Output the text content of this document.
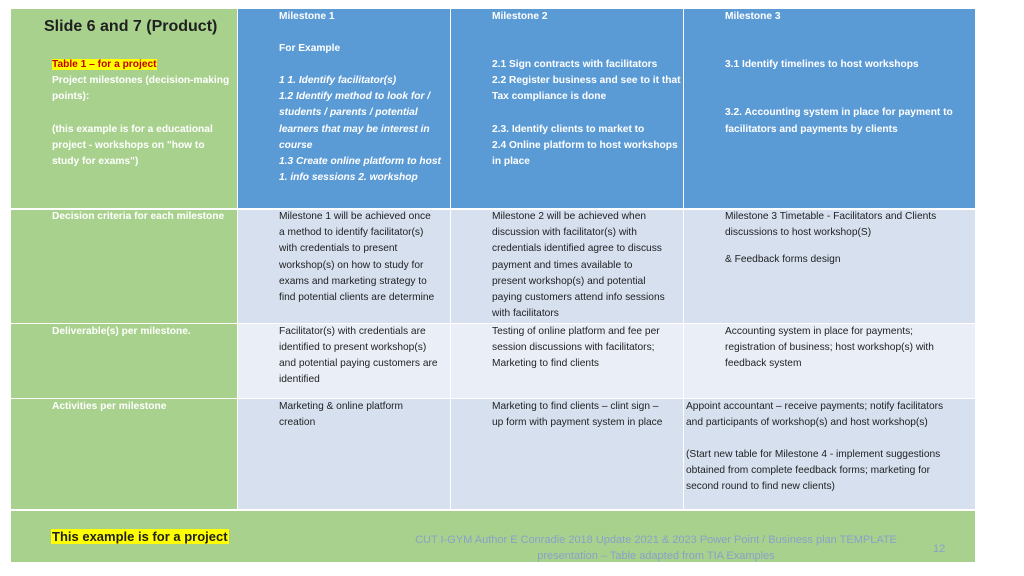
Slide 6 and 7 (Product)
Table 1 – for a project
Project milestones (decision-making
points):
(this example is for a educational
project - workshops on "how to
study for exams")
Decision criteria for each milestone
Deliverable(s) per milestone.
Activities per milestone
Milestone 1
For Example
1 1. Identify facilitator(s)
1.2 Identify method to look for /
students / parents / potential
learners that may be interest in
course
1.3 Create online platform to host
1. info sessions 2. workshop
Milestone 2
2.1 Sign contracts with facilitators
2.2 Register business and see to it that
Tax compliance is done
2.3. Identify clients to market to
2.4 Online platform to host workshops
in place
Milestone 3
3.1 Identify timelines to host workshops
3.2. Accounting system in place for payment to
facilitators and payments by clients
Milestone 1 will be achieved once
a method to identify facilitator(s)
with credentials to present
workshop(s) on how to study for
exams and marketing strategy to
find potential clients are determine
Milestone 2 will be achieved when
discussion with facilitator(s) with
credentials identified agree to discuss
payment and times available to
present workshop(s) and potential
paying customers attend info sessions
with facilitators
Milestone 3 Timetable - Facilitators and Clients
discussions to host workshop(S)
& Feedback forms design
Facilitator(s) with credentials are
identified to present workshop(s)
and potential paying customers are
identified
Testing of online platform and fee per
session discussions with facilitators;
Marketing to find clients
Accounting system in place for payments;
registration of business; host workshop(s) with
feedback system
Marketing & online platform
creation
Marketing to find clients – clint sign –
up form with payment system in place
Appoint accountant – receive payments; notify facilitators
and participants of workshop(s) and host workshop(s)
(Start new table for Milestone 4 - implement suggestions
obtained from complete feedback forms; marketing for
second round to find new clients)
This example is for a project	CUT I-GYM Author E Conradie 2018 Update 2021 & 2023 Power Point / Business plan TEMPLATE
presentation – Table adapted from TIA Examples
12
